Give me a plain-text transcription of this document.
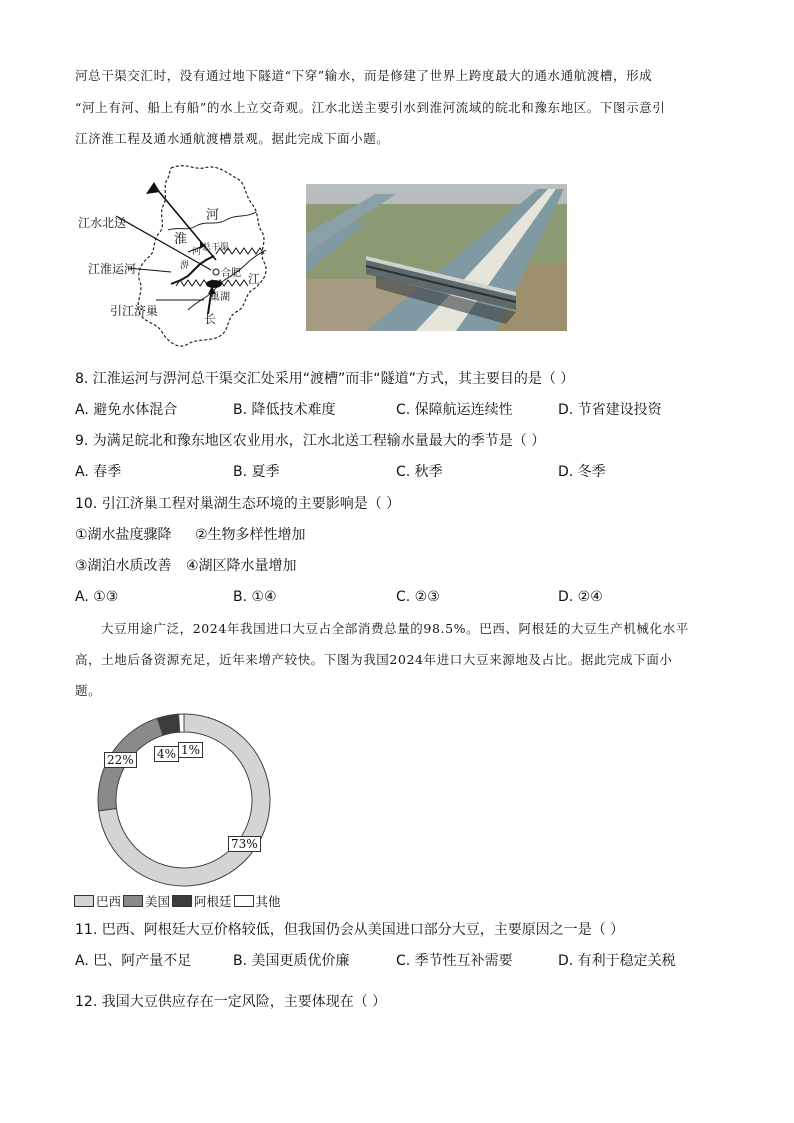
河总干渠交汇时，没有通过地下隧道“下穿”输水，而是修建了世界上跨度最大的通水通航渡槽，形成
“河上有河、船上有船”的水上立交奇观。江水北送主要引水到淮河流域的皖北和豫东地区。下图示意引
江济淮工程及通水通航渡槽景观。据此完成下面小题。
江水北送
江淮运河
引江济巢
淮
河
淠
河 总干渠
合肥
巢湖
江
长
8. 江淮运河与淠河总干渠交汇处采用“渡槽”而非“隧道”方式，其主要目的是（ ）
A. 避免水体混合	B. 降低技术难度	C. 保障航运连续性	D. 节省建设投资
9. 为满足皖北和豫东地区农业用水，江水北送工程输水量最大的季节是（ ）
A. 春季	B. 夏季	C. 秋季	D. 冬季
10. 引江济巢工程对巢湖生态环境的主要影响是（ ）
①湖水盐度骤降 ②生物多样性增加
③湖泊水质改善 ④湖区降水量增加
A. ①③	B. ①④	C. ②③	D. ②④
大豆用途广泛，2024年我国进口大豆占全部消费总量的98.5%。巴西、阿根廷的大豆生产机械化水平
高，土地后备资源充足，近年来增产较快。下图为我国2024年进口大豆来源地及占比。据此完成下面小
题。
73%
22% 4% 1%
巴西 美国 阿根廷 其他
11. 巴西、阿根廷大豆价格较低，但我国仍会从美国进口部分大豆，主要原因之一是（ ）
A. 巴、阿产量不足	B. 美国更质优价廉	C. 季节性互补需要	D. 有利于稳定关税
12. 我国大豆供应存在一定风险，主要体现在（ ）
